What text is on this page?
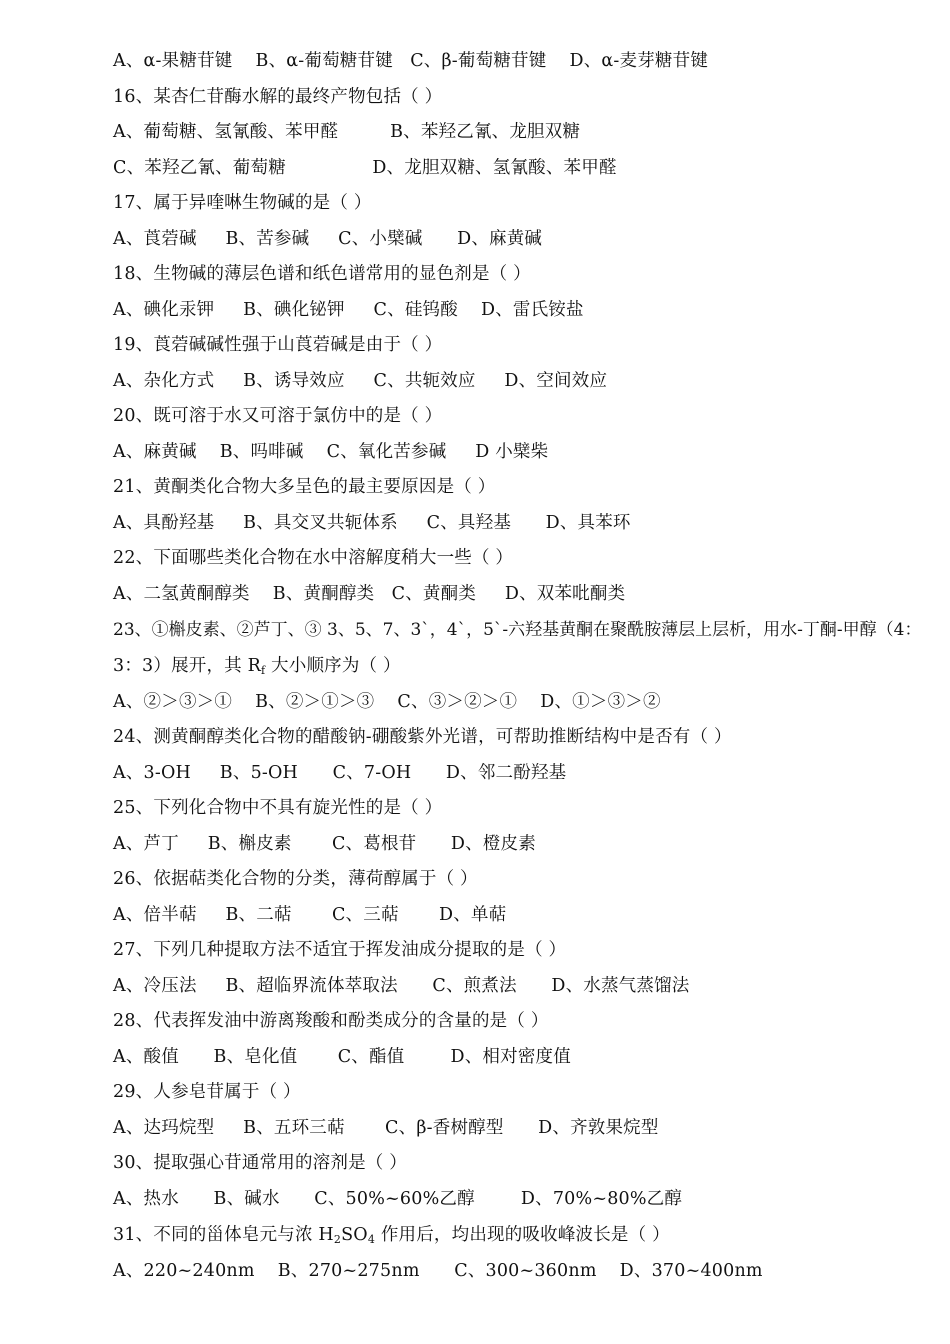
A、α-果糖苷键    B、α-葡萄糖苷键   C、β-葡萄糖苷键    D、α-麦芽糖苷键
16、某杏仁苷酶水解的最终产物包括（ ）
A、葡萄糖、氢氰酸、苯甲醛         B、苯羟乙氰、龙胆双糖
C、苯羟乙氰、葡萄糖               D、龙胆双糖、氢氰酸、苯甲醛
17、属于异喹啉生物碱的是（ ）
A、莨菪碱     B、苦参碱     C、小檗碱      D、麻黄碱
18、生物碱的薄层色谱和纸色谱常用的显色剂是（ ）
A、碘化汞钾     B、碘化铋钾     C、硅钨酸    D、雷氏铵盐
19、莨菪碱碱性强于山莨菪碱是由于（ ）
A、杂化方式     B、诱导效应     C、共轭效应     D、空间效应
20、既可溶于水又可溶于氯仿中的是（ ）
A、麻黄碱    B、吗啡碱    C、氧化苦参碱     D 小檗柴
21、黄酮类化合物大多呈色的最主要原因是（ ）
A、具酚羟基     B、具交叉共轭体系     C、具羟基      D、具苯环
22、下面哪些类化合物在水中溶解度稍大一些（ ）
A、二氢黄酮醇类    B、黄酮醇类   C、黄酮类     D、双苯吡酮类
23、①槲皮素、②芦丁、③ 3、5、7、3`，4`，5`-六羟基黄酮在聚酰胺薄层上层析，用水-丁酮-甲醇（4：
3：3）展开，其 $R_f$ 大小顺序为（ ）
A、②＞③＞①    B、②＞①＞③    C、③＞②＞①    D、①＞③＞②
24、测黄酮醇类化合物的醋酸钠-硼酸紫外光谱，可帮助推断结构中是否有（ ）
A、3-OH     B、5-OH      C、7-OH      D、邻二酚羟基
25、下列化合物中不具有旋光性的是（ ）
A、芦丁     B、槲皮素       C、葛根苷      D、橙皮素
26、依据萜类化合物的分类，薄荷醇属于（ ）
A、倍半萜     B、二萜       C、三萜       D、单萜
27、下列几种提取方法不适宜于挥发油成分提取的是（ ）
A、冷压法     B、超临界流体萃取法      C、煎煮法      D、水蒸气蒸馏法
28、代表挥发油中游离羧酸和酚类成分的含量的是（ ）
A、酸值      B、皂化值       C、酯值        D、相对密度值
29、人参皂苷属于（ ）
A、达玛烷型     B、五环三萜       C、β-香树醇型      D、齐敦果烷型
30、提取强心苷通常用的溶剂是（ ）
A、热水      B、碱水      C、50%~60%乙醇        D、70%~80%乙醇
31、不同的甾体皂元与浓 $H_2SO_4$ 作用后，均出现的吸收峰波长是（ ）
A、220~240nm    B、270~275nm      C、300~360nm    D、370~400nm
